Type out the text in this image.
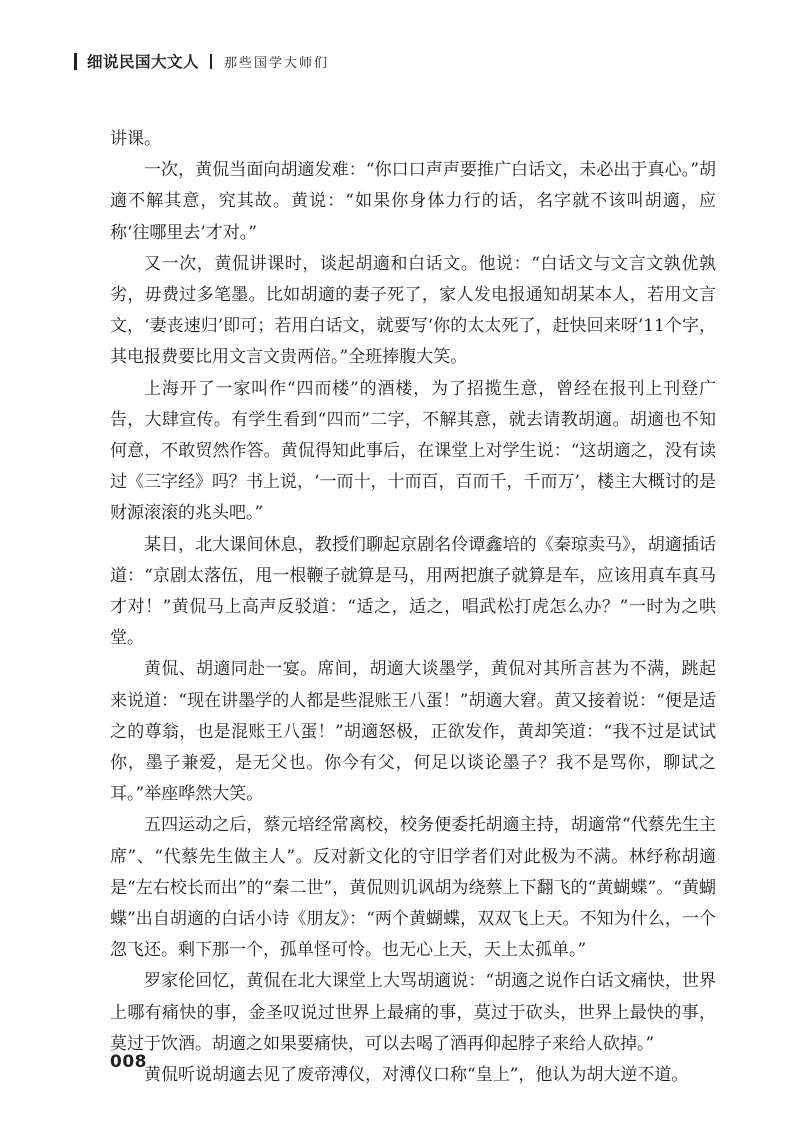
细说民国大文人 那些国学大师们

讲课。

一次，黄侃当面向胡適发难：“你口口声声要推广白话文，未必出于真心。”胡適不解其意，究其故。黄说：“如果你身体力行的话，名字就不该叫胡適，应称‘往哪里去’才对。”

又一次，黄侃讲课时，谈起胡適和白话文。他说：“白话文与文言文孰优孰劣，毋费过多笔墨。比如胡適的妻子死了，家人发电报通知胡某本人，若用文言文，‘妻丧速归’即可；若用白话文，就要写‘你的太太死了，赶快回来呀’11个字，其电报费要比用文言文贵两倍。”全班捧腹大笑。

上海开了一家叫作“四而楼”的酒楼，为了招揽生意，曾经在报刊上刊登广告，大肆宣传。有学生看到“四而”二字，不解其意，就去请教胡適。胡適也不知何意，不敢贸然作答。黄侃得知此事后，在课堂上对学生说：“这胡適之，没有读过《三字经》吗？书上说，‘一而十，十而百，百而千，千而万’，楼主大概讨的是财源滚滚的兆头吧。”

某日，北大课间休息，教授们聊起京剧名伶谭鑫培的《秦琼卖马》，胡適插话道：“京剧太落伍，甩一根鞭子就算是马，用两把旗子就算是车，应该用真车真马才对！”黄侃马上高声反驳道：“适之，适之，唱武松打虎怎么办？”一时为之哄堂。

黄侃、胡適同赴一宴。席间，胡適大谈墨学，黄侃对其所言甚为不满，跳起来说道：“现在讲墨学的人都是些混账王八蛋！”胡適大窘。黄又接着说：“便是适之的尊翁，也是混账王八蛋！”胡適怒极，正欲发作，黄却笑道：“我不过是试试你，墨子兼爱，是无父也。你今有父，何足以谈论墨子？我不是骂你，聊试之耳。”举座哗然大笑。

五四运动之后，蔡元培经常离校，校务便委托胡適主持，胡適常“代蔡先生主席”、“代蔡先生做主人”。反对新文化的守旧学者们对此极为不满。林纾称胡適是“左右校长而出”的“秦二世”，黄侃则讥讽胡为绕蔡上下翻飞的“黄蝴蝶”。“黄蝴蝶”出自胡適的白话小诗《朋友》：“两个黄蝴蝶，双双飞上天。不知为什么，一个忽飞还。剩下那一个，孤单怪可怜。也无心上天，天上太孤单。”

罗家伦回忆，黄侃在北大课堂上大骂胡適说：“胡適之说作白话文痛快，世界上哪有痛快的事，金圣叹说过世界上最痛的事，莫过于砍头，世界上最快的事，莫过于饮酒。胡適之如果要痛快，可以去喝了酒再仰起脖子来给人砍掉。”

黄侃听说胡適去见了废帝溥仪，对溥仪口称“皇上”，他认为胡大逆不道。

008
